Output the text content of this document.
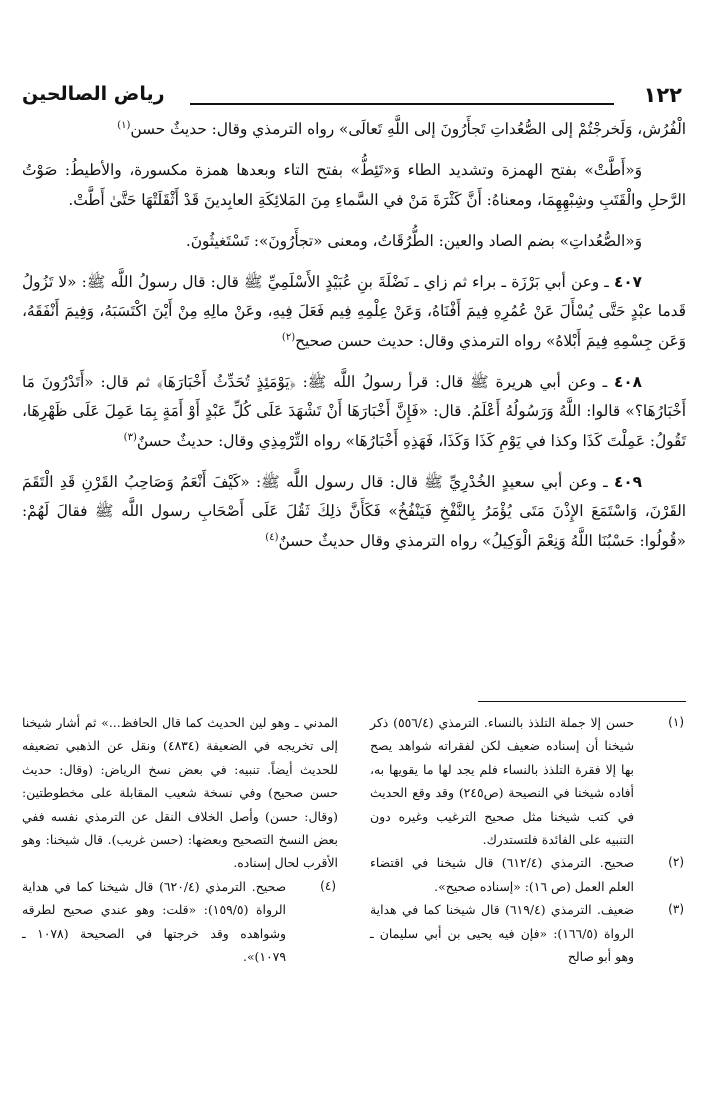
١٢٢
رياض الصالحين

الْفُرُش، وَلَخرجْتُمْ إلى الصُّعُداتِ تَجأَرُونَ إلى اللَّهِ تَعالَى» رواه الترمذي وقال: حديثٌ حسن$^{(١)}$

وَ«أَطَّتْ» بفتح الهمزة وتشديد الطاء وَ«تَئِطُّ» بفتح التاء وبعدها همزة مكسورة، والأطيطُ: صَوْتُ الرَّحلِ والْقَتَبِ وشِبْهِهِمَا، ومعناهُ: أَنَّ كَثْرَةَ مَنْ في السَّماءِ مِنَ المَلائِكَةِ العابِدينَ قَدْ أَثْقَلَتْهَا حَتَّىٰ أَطَّتْ.

وَ«الصُّعُداتِ» بضم الصاد والعين: الطُّرُقَاتُ، ومعنى «تجأَرُونَ»: تَسْتَغيثُونَ.

٤٠٧ ـ وعن أبي بَرْزَة ـ براء ثم زاي ـ نَضْلَةَ بنِ عُبَيْدٍ الأَسْلَمِيِّ ﷺ قال: قال رسولُ اللَّه ﷺ: «لا تَزُولُ قَدما عبْدٍ حَتَّى يُسْأَلَ عَنْ عُمُرِهِ فِيمَ أَفْنَاهُ، وَعَنْ عِلْمِهِ فِيم فَعَلَ فِيهِ، وعَنْ مالِهِ مِنْ أَيْنَ اكْتَسَبَهُ، وَفِيمَ أَنْفَقَهُ، وَعَن جِسْمِهِ فِيمَ أَبْلاهُ» رواه الترمذي وقال: حديث حسن صحيح$^{(٢)}$

٤٠٨ ـ وعن أبي هريرة ﷺ قال: قرأ رسولُ اللَّه ﷺ: ﴿يَوْمَئِذٍ تُحَدِّثُ أَخْبَارَهَا﴾ ثم قال: «أَتَدْرُونَ مَا أَخْبَارُهَا؟» قالوا: اللَّهُ وَرَسُولُهُ أَعْلَمُ. قال: «فَإِنَّ أَخْبَارَهَا أَنْ تَشْهَدَ عَلَى كُلِّ عَبْدٍ أَوْ أَمَةٍ بِمَا عَمِلَ عَلَى ظَهْرِهَا، تَقُولُ: عَمِلْتَ كَذَا وكذا في يَوْمِ كَذَا وَكَذَا، فَهَذِهِ أَخْبَارُهَا» رواه التِّرْمِذِي وقال: حديثٌ حسنٌ$^{(٣)}$

٤٠٩ ـ وعن أبي سعيدٍ الخُدْرِيِّ ﷺ قال: قال رسول اللَّه ﷺ: «كَيْفَ أَنْعَمُ وَصَاحِبُ القَرْنِ قَدِ الْتَقَمَ القَرْنَ، وَاسْتَمَعَ الإِذْنَ مَتَى يُؤْمَرُ بِالنَّفْخِ فَيَنْفُخُ» فَكَأَنَّ ذلِكَ ثَقُلَ عَلَى أَصْحَابِ رسول اللَّه ﷺ فقالَ لَهُمْ: «قُولُوا: حَسْبُنَا اللَّهُ وَنِعْمَ الْوَكِيلُ» رواه الترمذي وقال حديثٌ حسنٌ$^{(٤)}$

(١)
حسن إلا جملة التلذذ بالنساء. الترمذي (٥٥٦/٤) ذكر شيخنا أن إسناده ضعيف لكن لفقراته شواهد يصح بها إلا فقرة التلذذ بالنساء فلم يجد لها ما يقويها به، أفاده شيخنا في النصيحة (ص٢٤٥) وقد وقع الحديث في كتب شيخنا مثل صحيح الترغيب وغيره دون التنبيه على الفائدة فلتستدرك.
(٢)
صحيح. الترمذي (٦١٢/٤) قال شيخنا في اقتضاء العلم العمل (ص ١٦): «إسناده صحيح».
(٣)
ضعيف. الترمذي (٦١٩/٤) قال شيخنا كما في هداية الرواة (١٦٦/٥): «فإن فيه يحيى بن أبي سليمان ـ وهو أبو صالح
المدني ـ وهو لين الحديث كما قال الحافظ...» ثم أشار شيخنا إلى تخريجه في الضعيفة (٤٨٣٤) ونقل عن الذهبي تضعيفه للحديث أيضاً. تنبيه: في بعض نسخ الرياض: (وقال: حديث حسن صحيح) وفي نسخة شعيب المقابلة على مخطوطتين: (وقال: حسن) وأصل الخلاف النقل عن الترمذي نفسه ففي بعض النسخ التصحيح وبعضها: (حسن غريب). قال شيخنا: وهو الأقرب لحال إسناده.
(٤)
صحيح. الترمذي (٦٢٠/٤) قال شيخنا كما في هداية الرواة (١٥٩/٥): «قلت: وهو عندي صحيح لطرقه وشواهده وقد خرجتها في الصحيحة (١٠٧٨ ـ ١٠٧٩)».
